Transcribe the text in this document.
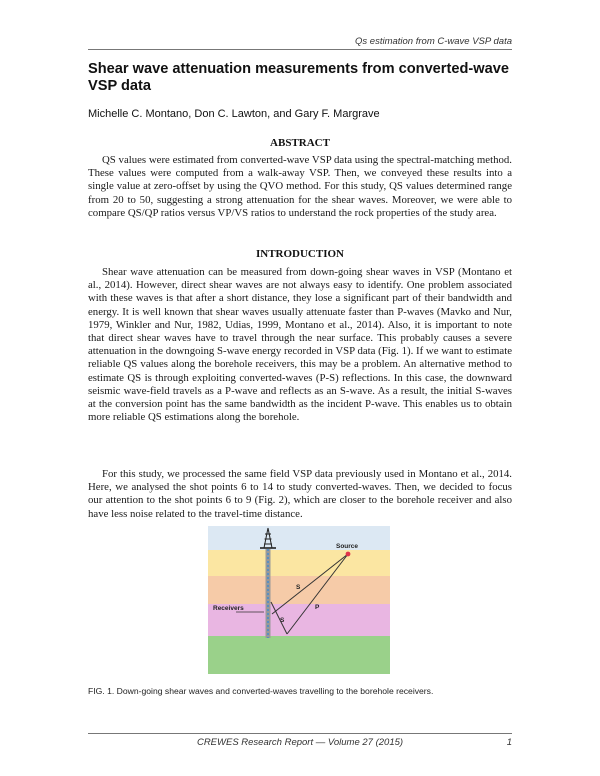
Qs estimation from C-wave VSP data
Shear wave attenuation measurements from converted-wave VSP data
Michelle C. Montano, Don C. Lawton, and Gary F. Margrave
ABSTRACT

QS values were estimated from converted-wave VSP data using the spectral-matching method. These values were computed from a walk-away VSP. Then, we conveyed these results into a single value at zero-offset by using the QVO method. For this study, QS values determined range from 20 to 50, suggesting a strong attenuation for the shear waves. Moreover, we were able to compare QS/QP ratios versus VP/VS ratios to understand the rock properties of the study area.

INTRODUCTION

Shear wave attenuation can be measured from down-going shear waves in VSP (Montano et al., 2014). However, direct shear waves are not always easy to identify. One problem associated with these waves is that after a short distance, they lose a significant part of their bandwidth and energy. It is well known that shear waves usually attenuate faster than P-waves (Mavko and Nur, 1979, Winkler and Nur, 1982, Udias, 1999, Montano et al., 2014). Also, it is important to note that direct shear waves have to travel through the near surface. This probably causes a severe attenuation in the downgoing S-wave energy recorded in VSP data (Fig. 1). If we want to estimate reliable QS values along the borehole receivers, this may be a problem. An alternative method to estimate QS is through exploiting converted-waves (P-S) reflections. In this case, the downward seismic wave-field travels as a P-wave and reflects as an S-wave. As a result, the initial S-waves at the conversion point has the same bandwidth as the incident P-wave. This enables us to obtain more reliable QS estimations along the borehole.

For this study, we processed the same field VSP data previously used in Montano et al., 2014. Here, we analysed the shot points 6 to 14 to study converted-waves. Then, we decided to focus our attention to the shot points 6 to 9 (Fig. 2), which are closer to the borehole receiver and also have less noise related to the travel-time distance.

Source
Receivers
S
P
S
FIG. 1. Down-going shear waves and converted-waves travelling to the borehole receivers.
CREWES Research Report — Volume 27 (2015)	1
